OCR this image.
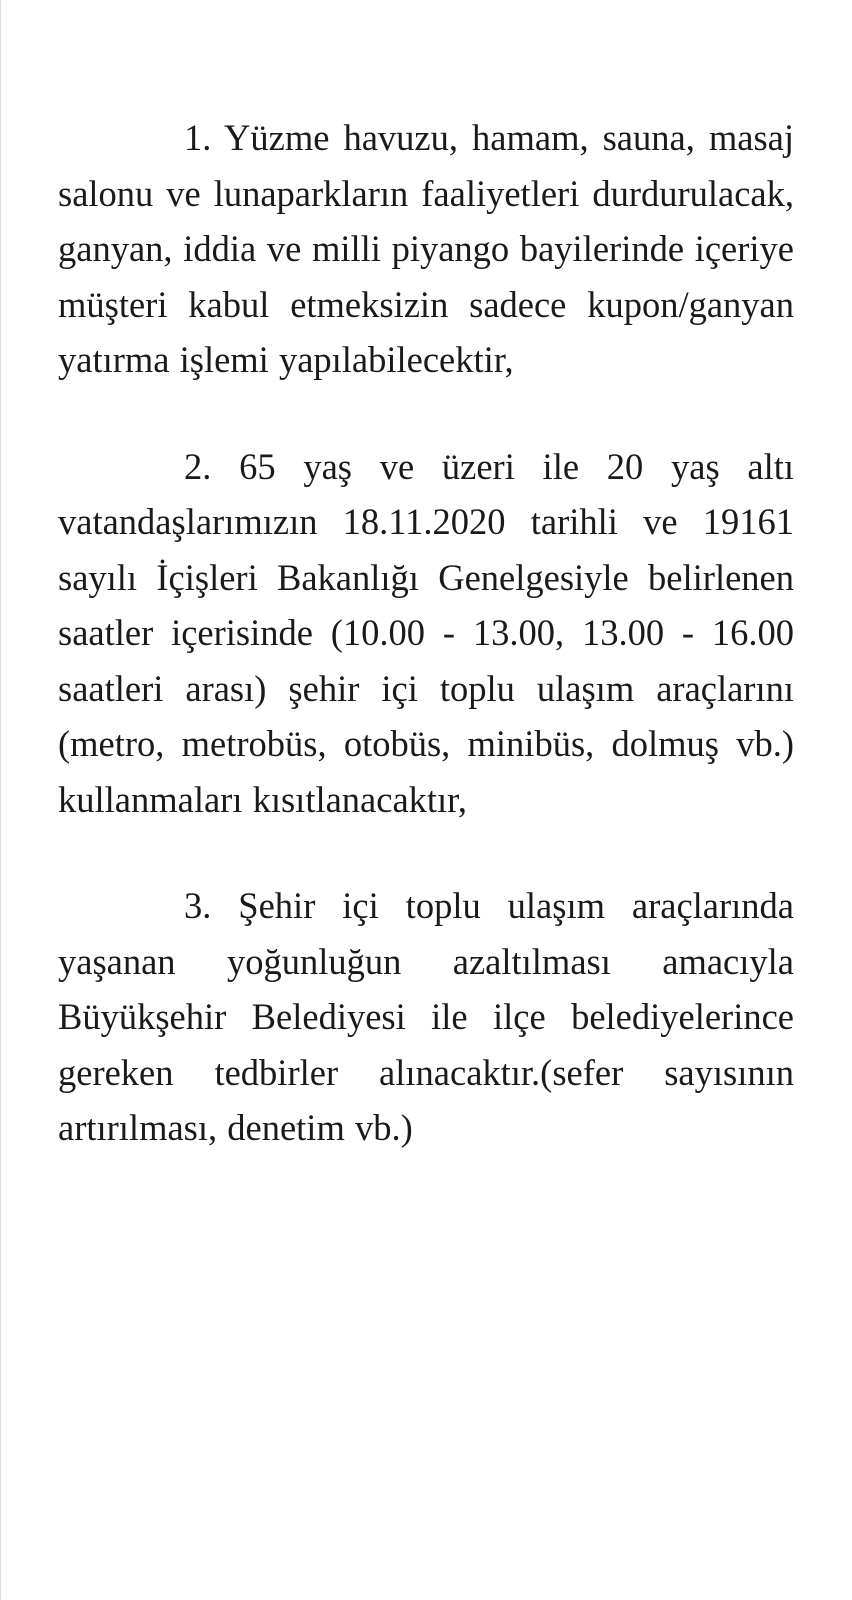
1. Yüzme havuzu, hamam, sauna, masaj salonu ve lunaparkların faaliyetleri durdurulacak, ganyan, iddia ve milli piyango bayilerinde içeriye müşteri kabul etmeksizin sadece kupon/ganyan yatırma işlemi yapılabilecektir,

2. 65 yaş ve üzeri ile 20 yaş altı vatandaşlarımızın 18.11.2020 tarihli ve 19161 sayılı İçişleri Bakanlığı Genelgesiyle belirlenen saatler içerisinde (10.00 - 13.00, 13.00 - 16.00 saatleri arası) şehir içi toplu ulaşım araçlarını (metro, metrobüs, otobüs, minibüs, dolmuş vb.) kullanmaları kısıtlanacaktır,

3. Şehir içi toplu ulaşım araçlarında yaşanan yoğunluğun azaltılması amacıyla Büyükşehir Belediyesi ile ilçe belediyelerince gereken tedbirler alınacaktır.(sefer sayısının artırılması, denetim vb.)
